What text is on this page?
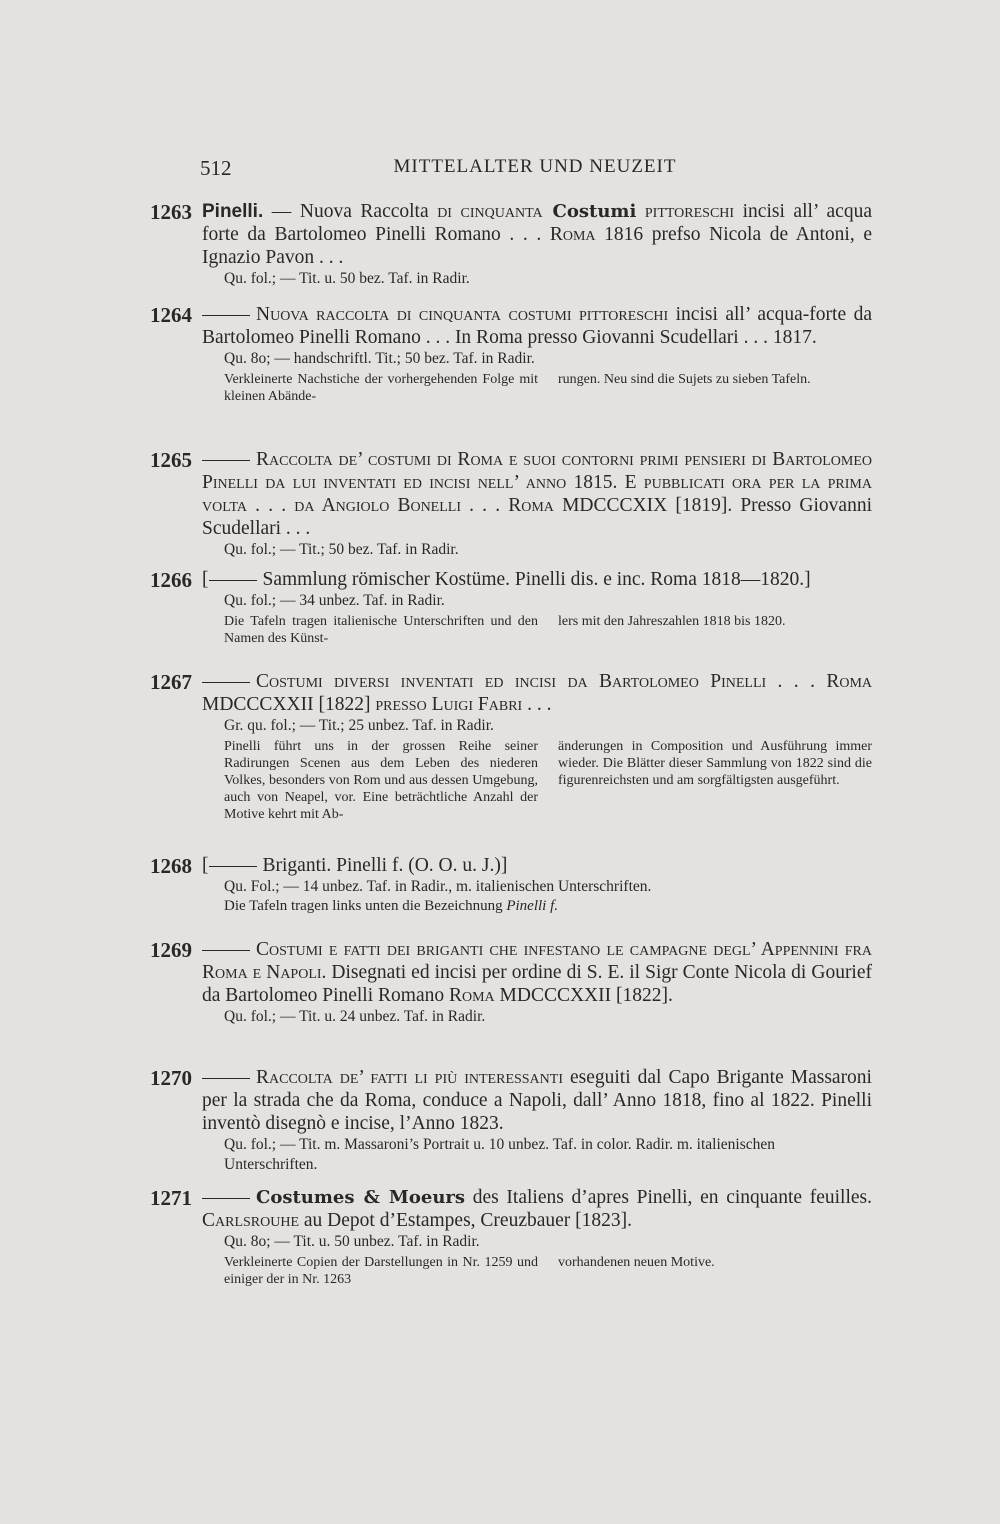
512	MITTELALTER UND NEUZEIT
1263 Pinelli. — Nuova Raccolta di cinquanta Costumi pittoreschi incisi all’ acqua forte da Bartolomeo Pinelli Romano . . . Roma 1816 prefso Nicola de Antoni, e Ignazio Pavon . . .
Qu. fol.; — Tit. u. 50 bez. Taf. in Radir.
1264	Nuova raccolta di cinquanta costumi pittoreschi incisi all’ acqua-forte da Bartolomeo Pinelli Romano . . . In Roma presso Giovanni Scudellari . . . 1817.
Qu. 8o; — handschriftl. Tit.; 50 bez. Taf. in Radir.
Verkleinerte Nachstiche der vorhergehenden Folge mit kleinen Abände-
rungen. Neu sind die Sujets zu sieben Tafeln.
1265	Raccolta de’ costumi di Roma e suoi contorni primi pensieri di Bartolomeo Pinelli da lui inventati ed incisi nell’ anno 1815. E pubblicati ora per la prima volta . . . da Angiolo Bonelli . . . Roma MDCCCXIX [1819]. Presso Giovanni Scudellari . . .
Qu. fol.; — Tit.; 50 bez. Taf. in Radir.
1266 [	Sammlung römischer Kostüme. Pinelli dis. e inc. Roma 1818—1820.]
Qu. fol.; — 34 unbez. Taf. in Radir.
Die Tafeln tragen italienische Unterschriften und den Namen des Künst-
lers mit den Jahreszahlen 1818 bis 1820.
1267	Costumi diversi inventati ed incisi da Bartolomeo Pinelli . . . Roma MDCCCXXII [1822] presso Luigi Fabri . . .
Gr. qu. fol.; — Tit.; 25 unbez. Taf. in Radir.
Pinelli führt uns in der grossen Reihe seiner Radirungen Scenen aus dem Leben des niederen Volkes, besonders von Rom und aus dessen Umgebung, auch von Neapel, vor. Eine beträchtliche Anzahl der Motive kehrt mit Ab-
änderungen in Composition und Ausführung immer wieder. Die Blätter dieser Sammlung von 1822 sind die figurenreichsten und am sorgfältigsten ausgeführt.
1268 [	Briganti. Pinelli f. (O. O. u. J.)]
Qu. Fol.; — 14 unbez. Taf. in Radir., m. italienischen Unterschriften.
Die Tafeln tragen links unten die Bezeichnung Pinelli f.
1269	Costumi e fatti dei briganti che infestano le campagne degl’ Appennini fra Roma e Napoli. Disegnati ed incisi per ordine di S. E. il Sigr Conte Nicola di Gourief da Bartolomeo Pinelli Romano Roma MDCCCXXII [1822].
Qu. fol.; — Tit. u. 24 unbez. Taf. in Radir.
1270	Raccolta de’ fatti li più interessanti eseguiti dal Capo Brigante Massaroni per la strada che da Roma, conduce a Napoli, dall’ Anno 1818, fino al 1822. Pinelli inventò disegnò e incise, l’Anno 1823.
Qu. fol.; — Tit. m. Massaroni’s Portrait u. 10 unbez. Taf. in color. Radir. m. italienischen Unterschriften.
1271	Costumes & Moeurs des Italiens d’apres Pinelli, en cinquante feuilles. Carlsrouhe au Depot d’Estampes, Creuzbauer [1823].
Qu. 8o; — Tit. u. 50 unbez. Taf. in Radir.
Verkleinerte Copien der Darstellungen in Nr. 1259 und einiger der in Nr. 1263
vorhandenen neuen Motive.
